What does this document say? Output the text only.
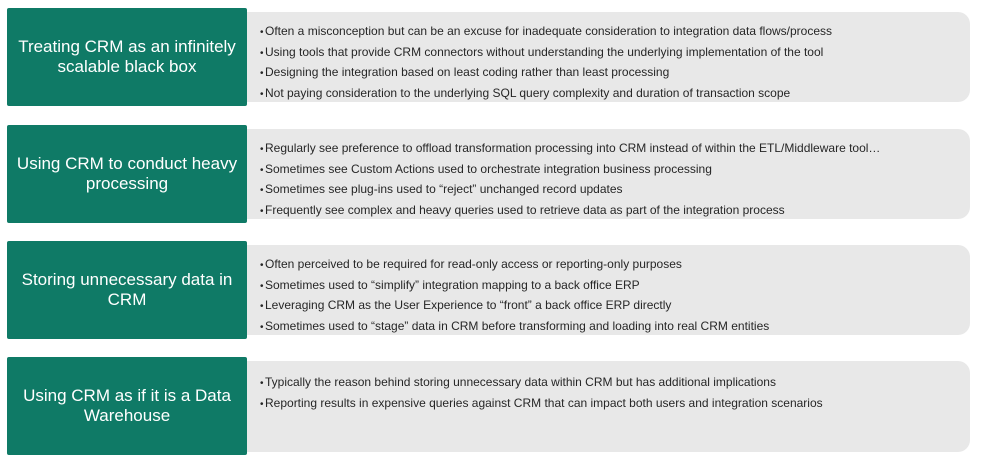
•Often a misconception but can be an excuse for inadequate consideration to integration data flows/process
•Using tools that provide CRM connectors without understanding the underlying implementation of the tool
•Designing the integration based on least coding rather than least processing
•Not paying consideration to the underlying SQL query complexity and duration of transaction scope
Treating CRM as an infinitely scalable black box
•Regularly see preference to offload transformation processing into CRM instead of within the ETL/Middleware tool…
•Sometimes see Custom Actions used to orchestrate integration business processing
•Sometimes see plug-ins used to “reject” unchanged record updates
•Frequently see complex and heavy queries used to retrieve data as part of the integration process
Using CRM to conduct heavy processing
•Often perceived to be required for read-only access or reporting-only purposes
•Sometimes used to “simplify” integration mapping to a back office ERP
•Leveraging CRM as the User Experience to “front” a back office ERP directly
•Sometimes used to “stage” data in CRM before transforming and loading into real CRM entities
Storing unnecessary data in CRM
•Typically the reason behind storing unnecessary data within CRM but has additional implications
•Reporting results in expensive queries against CRM that can impact both users and integration scenarios
Using CRM as if it is a Data Warehouse
